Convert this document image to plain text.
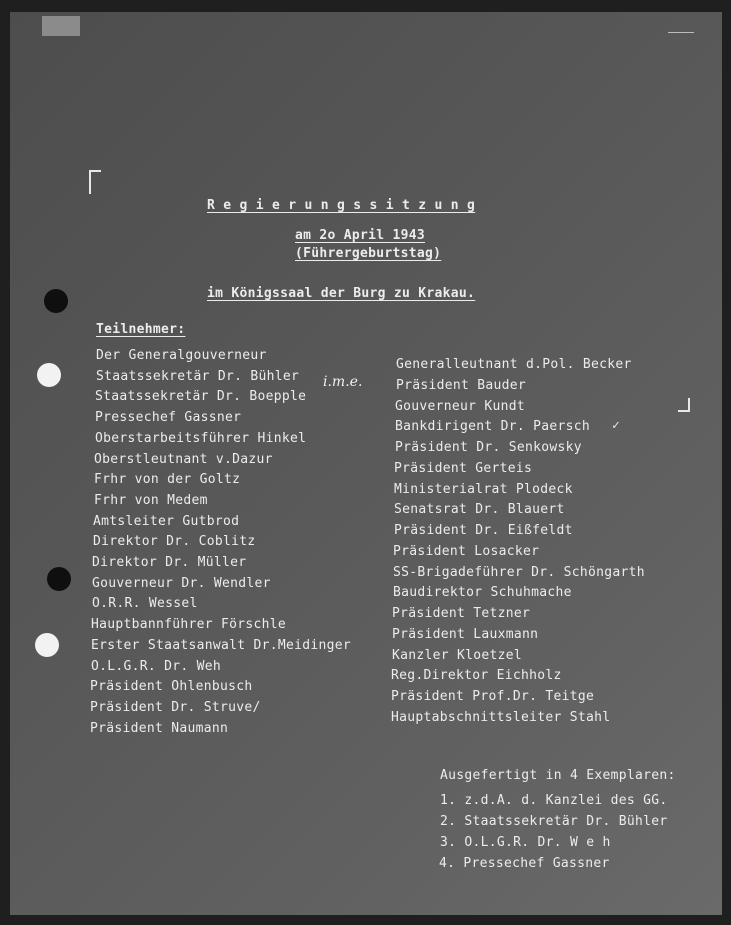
R e g i e r u n g s s i t z u n g
am 2o April 1943
(Führergeburtstag)
im Königssaal der Burg zu Krakau.
Teilnehmer:
Der Generalgouverneur
Staatssekretär Dr. Bühler
Staatssekretär Dr. Boepple
Pressechef Gassner
Oberstarbeitsführer Hinkel
Oberstleutnant v.Dazur
Frhr von der Goltz
Frhr von Medem
Amtsleiter Gutbrod
Direktor Dr. Coblitz
Direktor Dr. Müller
Gouverneur Dr. Wendler
O.R.R. Wessel
Hauptbannführer Förschle
Erster Staatsanwalt Dr.Meidinger
O.L.G.R. Dr. Weh
Präsident Ohlenbusch
Präsident Dr. Struve/
Präsident Naumann
Generalleutnant d.Pol. Becker
Präsident Bauder
Gouverneur Kundt
Bankdirigent Dr. Paersch
Präsident Dr. Senkowsky
Präsident Gerteis
Ministerialrat Plodeck
Senatsrat Dr. Blauert
Präsident Dr. Eißfeldt
Präsident Losacker
SS-Brigadeführer Dr. Schöngarth
Baudirektor Schuhmache
Präsident Tetzner
Präsident Lauxmann
Kanzler Kloetzel
Reg.Direktor Eichholz
Präsident Prof.Dr. Teitge
Hauptabschnittsleiter Stahl
i.m.e.
✓
Ausgefertigt in 4 Exemplaren:
1. z.d.A. d. Kanzlei des GG.
2. Staatssekretär Dr. Bühler
3. O.L.G.R. Dr. W e h
4. Pressechef Gassner
